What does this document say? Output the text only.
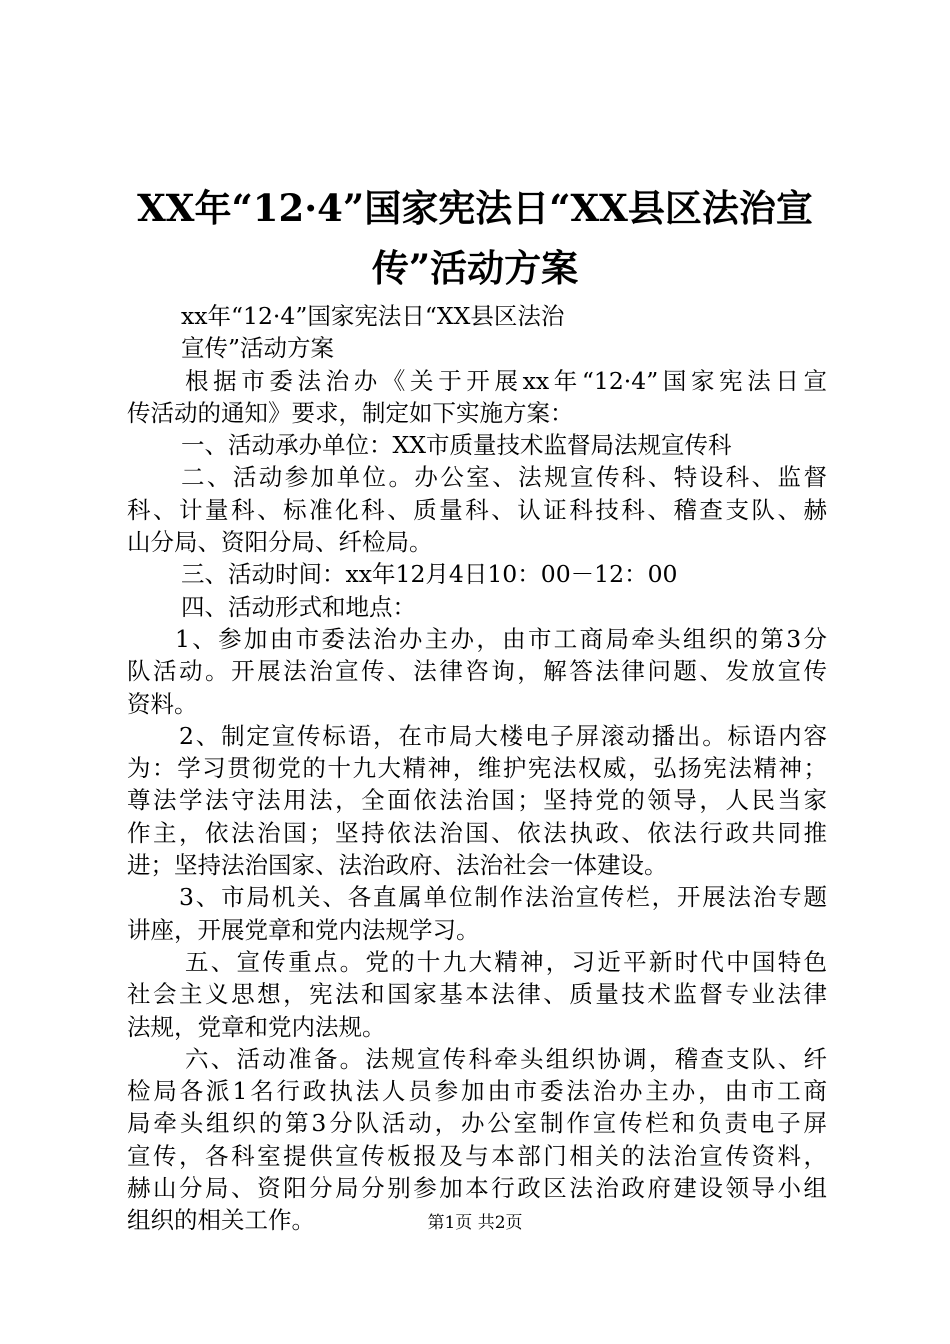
XX年“12·4”国家宪法日“XX县区法治宣
传”活动方案
xx年“12·4”国家宪法日“XX县区法治
宣传”活动方案
根据市委法治办《关于开展xx年“12·4”国家宪法日宣
传活动的通知》要求，制定如下实施方案：
一、活动承办单位：XX市质量技术监督局法规宣传科
二、活动参加单位。办公室、法规宣传科、特设科、监督
科、计量科、标准化科、质量科、认证科技科、稽查支队、赫
山分局、资阳分局、纤检局。
三、活动时间：xx年12月4日10：00－12：00
四、活动形式和地点：
1、参加由市委法治办主办，由市工商局牵头组织的第3分
队活动。开展法治宣传、法律咨询，解答法律问题、发放宣传
资料。
2、制定宣传标语，在市局大楼电子屏滚动播出。标语内容
为：学习贯彻党的十九大精神，维护宪法权威，弘扬宪法精神；
尊法学法守法用法，全面依法治国；坚持党的领导，人民当家
作主，依法治国；坚持依法治国、依法执政、依法行政共同推
进；坚持法治国家、法治政府、法治社会一体建设。
3、市局机关、各直属单位制作法治宣传栏，开展法治专题
讲座，开展党章和党内法规学习。
五、宣传重点。党的十九大精神，习近平新时代中国特色
社会主义思想，宪法和国家基本法律、质量技术监督专业法律
法规，党章和党内法规。
六、活动准备。法规宣传科牵头组织协调，稽查支队、纤
检局各派1名行政执法人员参加由市委法治办主办，由市工商
局牵头组织的第3分队活动，办公室制作宣传栏和负责电子屏
宣传，各科室提供宣传板报及与本部门相关的法治宣传资料，
赫山分局、资阳分局分别参加本行政区法治政府建设领导小组
组织的相关工作。	第1页 共2页
